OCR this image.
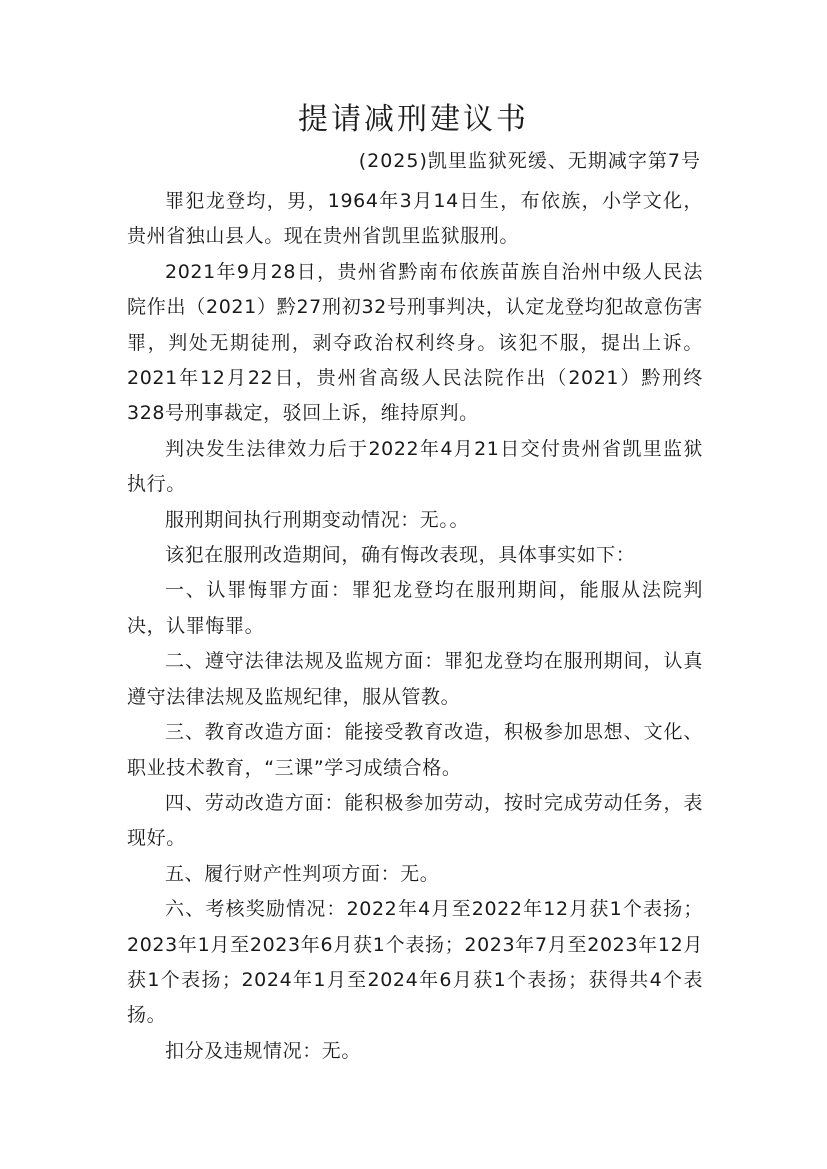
提请减刑建议书
(2025)凯里监狱死缓、无期减字第7号

罪犯龙登均，男，1964年3月14日生，布依族，小学文化，贵州省独山县人。现在贵州省凯里监狱服刑。

2021年9月28日，贵州省黔南布依族苗族自治州中级人民法院作出（2021）黔27刑初32号刑事判决，认定龙登均犯故意伤害罪，判处无期徒刑，剥夺政治权利终身。该犯不服，提出上诉。2021年12月22日，贵州省高级人民法院作出（2021）黔刑终328号刑事裁定，驳回上诉，维持原判。

判决发生法律效力后于2022年4月21日交付贵州省凯里监狱执行。

服刑期间执行刑期变动情况：无。。

该犯在服刑改造期间，确有悔改表现，具体事实如下：

一、认罪悔罪方面：罪犯龙登均在服刑期间，能服从法院判决，认罪悔罪。

二、遵守法律法规及监规方面：罪犯龙登均在服刑期间，认真遵守法律法规及监规纪律，服从管教。

三、教育改造方面：能接受教育改造，积极参加思想、文化、职业技术教育，“三课”学习成绩合格。

四、劳动改造方面：能积极参加劳动，按时完成劳动任务，表现好。

五、履行财产性判项方面：无。

六、考核奖励情况：2022年4月至2022年12月获1个表扬；2023年1月至2023年6月获1个表扬；2023年7月至2023年12月获1个表扬；2024年1月至2024年6月获1个表扬；获得共4个表扬。

扣分及违规情况：无。
